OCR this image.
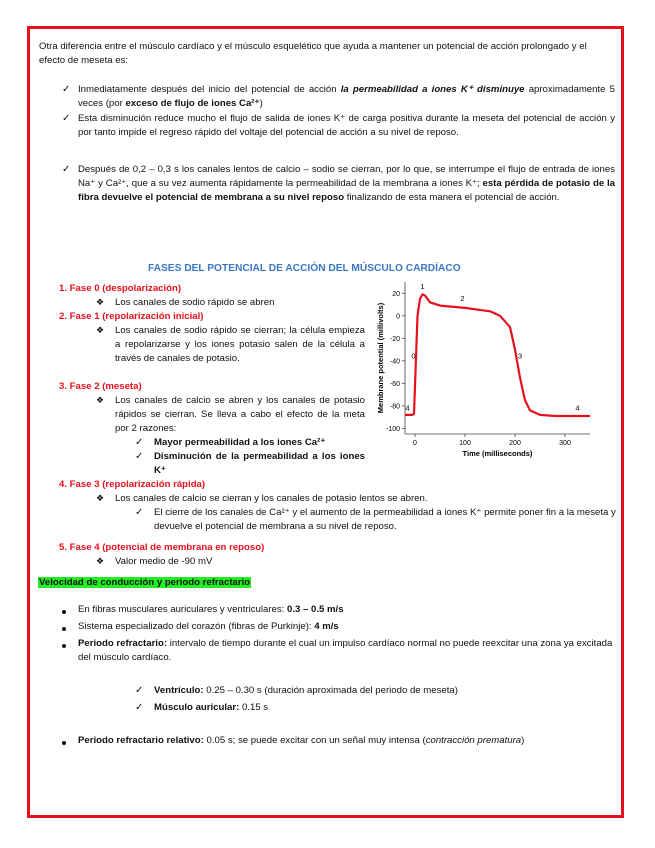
Otra diferencia entre el músculo cardíaco y el músculo esquelético que ayuda a mantener un potencial de acción prolongado y el efecto de meseta es:
✓ Inmediatamente después del inicio del potencial de acción la permeabilidad a iones K⁺ disminuye aproximadamente 5 veces (por exceso de flujo de iones Ca²⁺)
✓ Esta disminución reduce mucho el flujo de salida de iones K⁺ de carga positiva durante la meseta del potencial de acción y por tanto impide el regreso rápido del voltaje del potencial de acción a su nivel de reposo.
✓ Después de 0,2 – 0,3 s los canales lentos de calcio – sodio se cierran, por lo que, se interrumpe el flujo de entrada de iones Na⁺ y Ca²⁺, que a su vez aumenta rápidamente la permeabilidad de la membrana a iones K⁺; esta pérdida de potasio de la fibra devuelve el potencial de membrana a su nivel reposo finalizando de esta manera el potencial de acción.
FASES DEL POTENCIAL DE ACCIÓN DEL MÚSCULO CARDÍACO
1. Fase 0 (despolarización)
❖ Los canales de sodio rápido se abren
2. Fase 1 (repolarización inicial)
❖ Los canales de sodio rápido se cierran; la célula empieza a repolarizarse y los iones potasio salen de la célula a través de canales de potasio.
3. Fase 2 (meseta)
❖ Los canales de calcio se abren y los canales de potasio rápidos se cierran. Se lleva a cabo el efecto de la meta por 2 razones:
✓ Mayor permeabilidad a los iones Ca²⁺
✓ Disminución de la permeabilidad a los iones K⁺
4. Fase 3 (repolarización rápida)
❖ Los canales de calcio se cierran y los canales de potasio lentos se abren.
✓ El cierre de los canales de Ca²⁺ y el aumento de la permeabilidad a iones K⁺ permite poner fin a la meseta y devuelve el potencial de membrana a su nivel de reposo.
5. Fase 4 (potencial de membrana en reposo)
❖ Valor medio de -90 mV
20
0
-20
-40
-60
-80
-100
0	100	200	300
0
1
2
3
4	4
Time (milliseconds)
Membrane potential (millivolts)
Velocidad de conducción y periodo refractario
En fibras musculares auriculares y ventriculares: 0.3 – 0.5 m/s
Sistema especializado del corazón (fibras de Purkinje): 4 m/s
Periodo refractario: intervalo de tiempo durante el cual un impulso cardíaco normal no puede reexcitar una zona ya excitada del músculo cardíaco.
✓ Ventrículo: 0.25 – 0.30 s (duración aproximada del periodo de meseta)
✓ Músculo auricular: 0.15 s
Periodo refractario relativo: 0.05 s; se puede excitar con un señal muy intensa (contracción prematura)
